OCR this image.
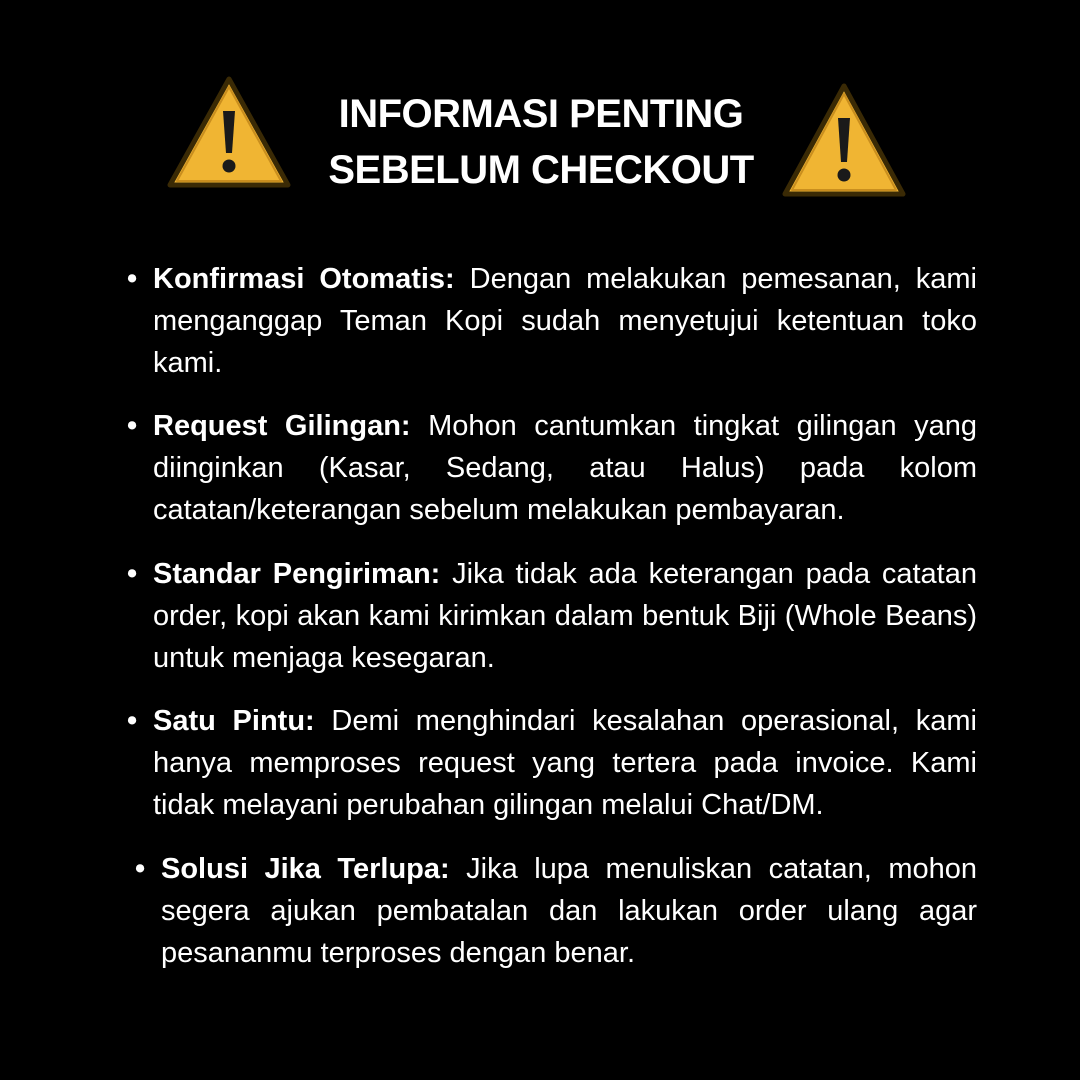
INFORMASI PENTING
SEBELUM CHECKOUT
• Konfirmasi Otomatis: Dengan melakukan pemesanan, kami menganggap Teman Kopi sudah menyetujui ketentuan toko kami.
• Request Gilingan: Mohon cantumkan tingkat gilingan yang diinginkan (Kasar, Sedang, atau Halus) pada kolom catatan/keterangan sebelum melakukan pembayaran.
• Standar Pengiriman: Jika tidak ada keterangan pada catatan order, kopi akan kami kirimkan dalam bentuk Biji (Whole Beans) untuk menjaga kesegaran.
• Satu Pintu: Demi menghindari kesalahan operasional, kami hanya memproses request yang tertera pada invoice. Kami tidak melayani perubahan gilingan melalui Chat/DM.
• Solusi Jika Terlupa: Jika lupa menuliskan catatan, mohon segera ajukan pembatalan dan lakukan order ulang agar pesananmu terproses dengan benar.
